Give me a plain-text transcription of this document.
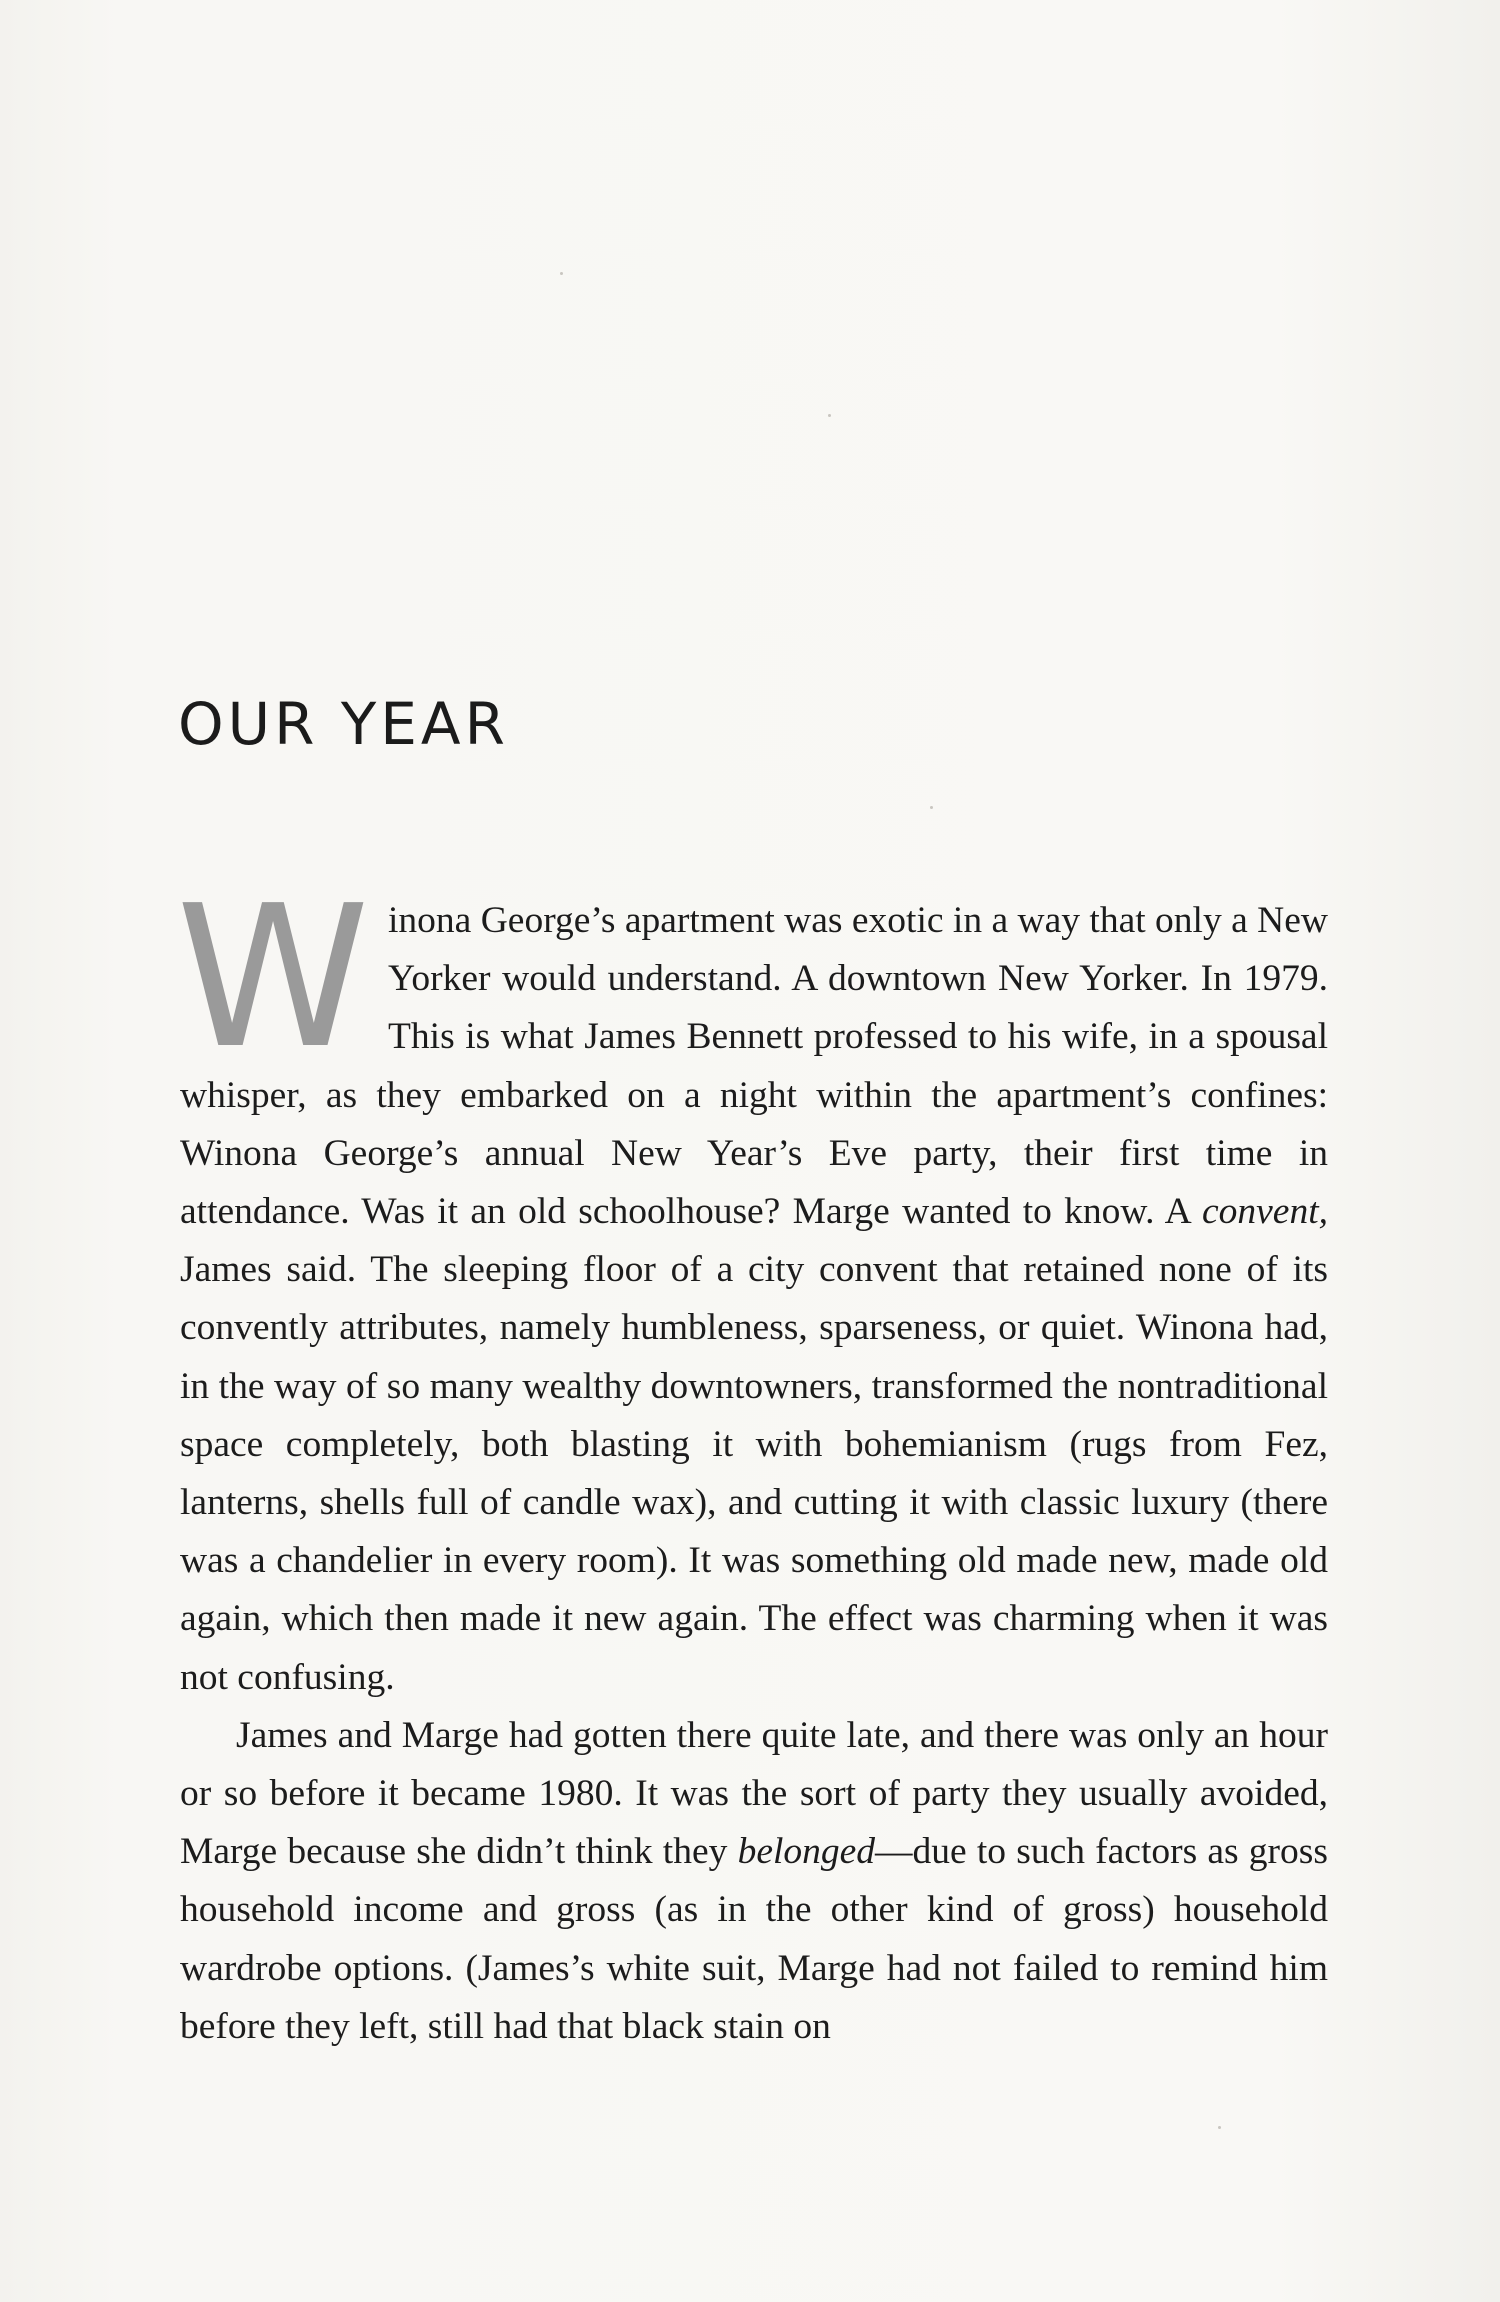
OUR YEAR

W inona George’s apartment was exotic in a way that only a New Yorker would understand. A downtown New Yorker. In 1979. This is what James Bennett professed to his wife, in a spousal whisper, as they embarked on a night within the apartment’s confines: Winona George’s annual New Year’s Eve party, their first time in attendance. Was it an old schoolhouse? Marge wanted to know. A convent, James said. The sleeping floor of a city convent that retained none of its convently attributes, namely humbleness, sparseness, or quiet. Winona had, in the way of so many wealthy downtowners, transformed the nontraditional space completely, both blasting it with bohemianism (rugs from Fez, lanterns, shells full of candle wax), and cutting it with classic luxury (there was a chandelier in every room). It was something old made new, made old again, which then made it new again. The effect was charming when it was not confusing.

James and Marge had gotten there quite late, and there was only an hour or so before it became 1980. It was the sort of party they usually avoided, Marge because she didn’t think they belonged—due to such factors as gross household income and gross (as in the other kind of gross) household wardrobe options. (James’s white suit, Marge had not failed to remind him before they left, still had that black stain on
